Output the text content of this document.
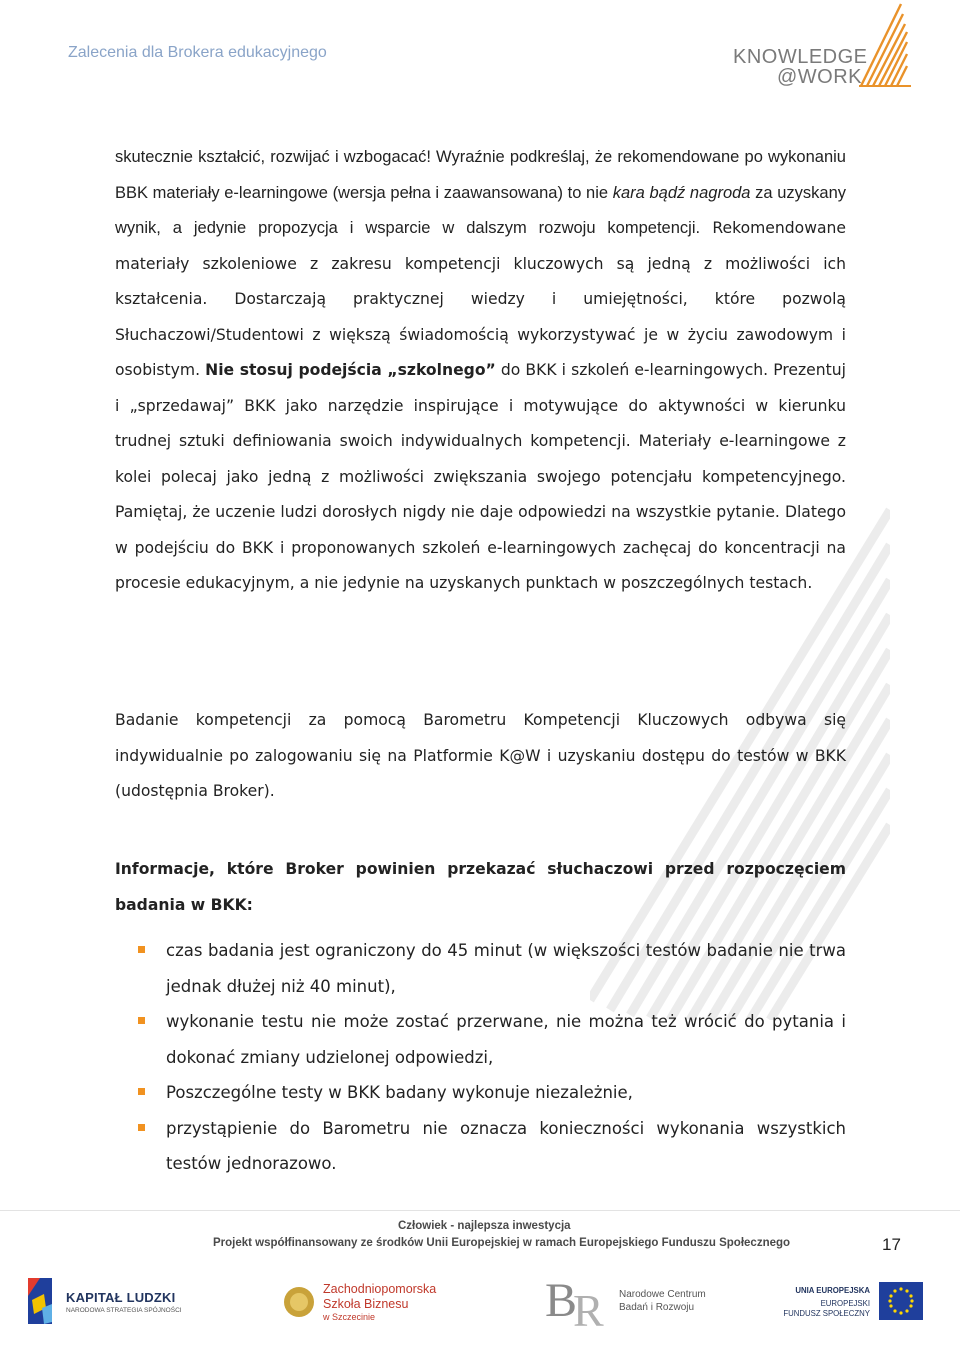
Zalecenia dla Brokera edukacyjnego	KNOWLEDGE
@WORK

skutecznie kształcić, rozwijać i wzbogacać! Wyraźnie podkreślaj, że rekomendowane po wykonaniu BBK materiały e-learningowe (wersja pełna i zaawansowana) to nie kara bądź nagroda za uzyskany wynik, a jedynie propozycja i wsparcie w dalszym rozwoju kompetencji. Rekomendowane materiały szkoleniowe z zakresu kompetencji kluczowych są jedną z możliwości ich kształcenia. Dostarczają praktycznej wiedzy i umiejętności, które pozwolą Słuchaczowi/Studentowi z większą świadomością wykorzystywać je w życiu zawodowym i osobistym. Nie stosuj podejścia „szkolnego” do BKK i szkoleń e-learningowych. Prezentuj i „sprzedawaj” BKK jako narzędzie inspirujące i motywujące do aktywności w kierunku trudnej sztuki definiowania swoich indywidualnych kompetencji. Materiały e-learningowe z kolei polecaj jako jedną z możliwości zwiększania swojego potencjału kompetencyjnego. Pamiętaj, że uczenie ludzi dorosłych nigdy nie daje odpowiedzi na wszystkie pytanie. Dlatego w podejściu do BKK i proponowanych szkoleń e-learningowych zachęcaj do koncentracji na procesie edukacyjnym, a nie jedynie na uzyskanych punktach w poszczególnych testach.

Badanie kompetencji za pomocą Barometru Kompetencji Kluczowych odbywa się indywidualnie po zalogowaniu się na Platformie K@W i uzyskaniu dostępu do testów w BKK (udostępnia Broker).

Informacje, które Broker powinien przekazać słuchaczowi przed rozpoczęciem badania w BKK:

czas badania jest ograniczony do 45 minut (w większości testów badanie nie trwa jednak dłużej niż 40 minut),
wykonanie testu nie może zostać przerwane, nie można też wrócić do pytania i dokonać zmiany udzielonej odpowiedzi,
Poszczególne testy w BKK badany wykonuje niezależnie,
przystąpienie do Barometru nie oznacza konieczności wykonania wszystkich testów jednorazowo.
Człowiek - najlepsza inwestycja
Projekt współfinansowany ze środków Unii Europejskiej w ramach Europejskiego Funduszu Społecznego	17
KAPITAŁ LUDZKI
NARODOWA STRATEGIA SPÓJNOŚCI
Zachodniopomorska
Szkoła Biznesu
w Szczecinie	B
R Narodowe Centrum
Badań i Rozwoju
UNIA EUROPEJSKA
EUROPEJSKI
FUNDUSZ SPOŁECZNY
